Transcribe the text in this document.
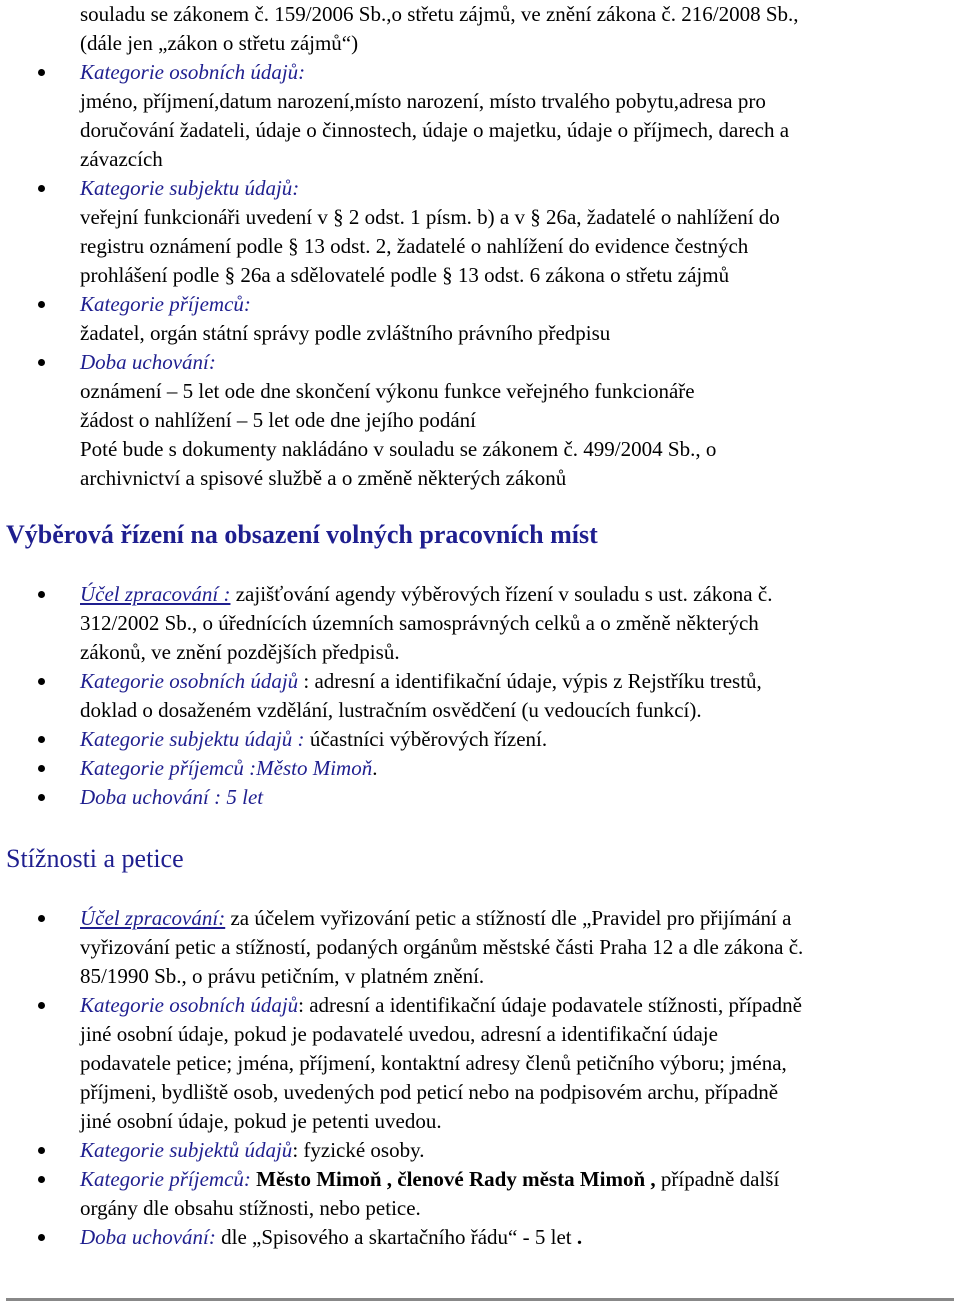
souladu se zákonem č. 159/2006 Sb.,o střetu zájmů, ve znění zákona č. 216/2008 Sb.,
(dále jen „zákon o střetu zájmů“)
Kategorie osobních údajů:
jméno, příjmení,datum narození,místo narození, místo trvalého pobytu,adresa pro
doručování žadateli, údaje o činnostech, údaje o majetku, údaje o příjmech, darech a
závazcích
Kategorie subjektu údajů:
veřejní funkcionáři uvedení v § 2 odst. 1 písm. b) a v § 26a, žadatelé o nahlížení do
registru oznámení podle § 13 odst. 2, žadatelé o nahlížení do evidence čestných
prohlášení podle § 26a a sdělovatelé podle § 13 odst. 6 zákona o střetu zájmů
Kategorie příjemců:
žadatel, orgán státní správy podle zvláštního právního předpisu
Doba uchování:
oznámení – 5 let ode dne skončení výkonu funkce veřejného funkcionáře
žádost o nahlížení – 5 let ode dne jejího podání
Poté bude s dokumenty nakládáno v souladu se zákonem č. 499/2004 Sb., o
archivnictví a spisové službě a o změně některých zákonů
Výběrová řízení na obsazení volných pracovních míst
Účel zpracování : zajišťování agendy výběrových řízení v souladu s ust. zákona č.
312/2002 Sb., o úřednících územních samosprávných celků a o změně některých
zákonů, ve znění pozdějších předpisů.
Kategorie osobních údajů : adresní a identifikační údaje, výpis z Rejstříku trestů,
doklad o dosaženém vzdělání, lustračním osvědčení (u vedoucích funkcí).
Kategorie subjektu údajů : účastníci výběrových řízení.
Kategorie příjemců :Město Mimoň.
Doba uchování : 5 let
Stížnosti a petice
Účel zpracování: za účelem vyřizování petic a stížností dle „Pravidel pro přijímání a
vyřizování petic a stížností, podaných orgánům městské části Praha 12 a dle zákona č.
85/1990 Sb., o právu petičním, v platném znění.
Kategorie osobních údajů: adresní a identifikační údaje podavatele stížnosti, případně
jiné osobní údaje, pokud je podavatelé uvedou, adresní a identifikační údaje
podavatele petice; jména, příjmení, kontaktní adresy členů petičního výboru; jména,
příjmeni, bydliště osob, uvedených pod peticí nebo na podpisovém archu, případně
jiné osobní údaje, pokud je petenti uvedou.
Kategorie subjektů údajů: fyzické osoby.
Kategorie příjemců: Město Mimoň , členové Rady města Mimoň , případně další
orgány dle obsahu stížnosti, nebo petice.
Doba uchování: dle „Spisového a skartačního řádu“ - 5 let .
